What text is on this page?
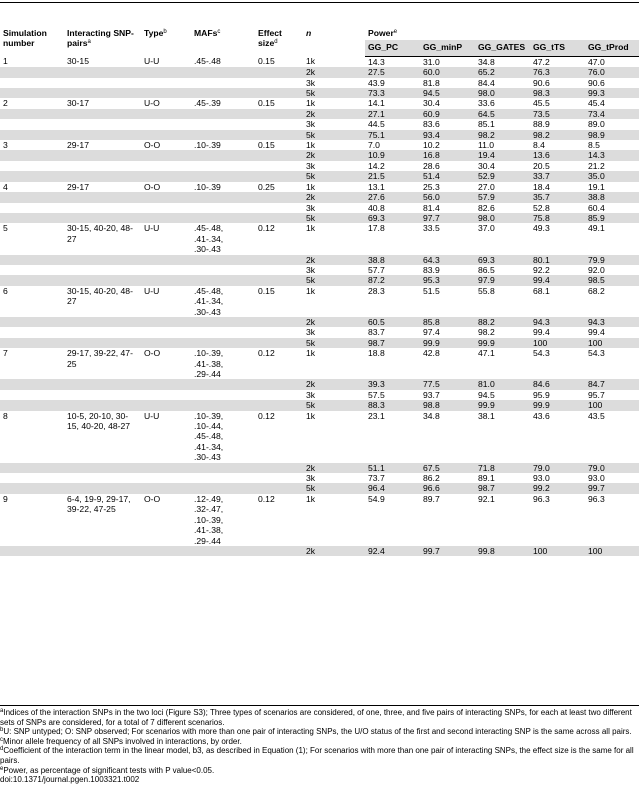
Simulation number	Interacting SNP-pairs$^a$	Type$^b$	MAFs$^c$	Effect size$^d$	n	Power$^e$
						GG_PC	GG_minP	GG_GATES	GG_tTS	GG_tProd
1	30-15	U-U	.45-.48	0.15	1k	14.3	31.0	34.8	47.2	47.0
					2k	27.5	60.0	65.2	76.3	76.0
					3k	43.9	81.8	84.4	90.6	90.6
					5k	73.3	94.5	98.0	98.3	99.3
2	30-17	U-O	.45-.39	0.15	1k	14.1	30.4	33.6	45.5	45.4
					2k	27.1	60.9	64.5	73.5	73.4
					3k	44.5	83.6	85.1	88.9	89.0
					5k	75.1	93.4	98.2	98.2	98.9
3	29-17	O-O	.10-.39	0.15	1k	7.0	10.2	11.0	8.4	8.5
					2k	10.9	16.8	19.4	13.6	14.3
					3k	14.2	28.6	30.4	20.5	21.2
					5k	21.5	51.4	52.9	33.7	35.0
4	29-17	O-O	.10-.39	0.25	1k	13.1	25.3	27.0	18.4	19.1
					2k	27.6	56.0	57.9	35.7	38.8
					3k	40.8	81.4	82.6	52.8	60.4
					5k	69.3	97.7	98.0	75.8	85.9
5	30-15, 40-20, 48-27	U-U	.45-.48, .41-.34, .30-.43	0.12	1k	17.8	33.5	37.0	49.3	49.1
					2k	38.8	64.3	69.3	80.1	79.9
					3k	57.7	83.9	86.5	92.2	92.0
					5k	87.2	95.3	97.9	99.4	98.5
6	30-15, 40-20, 48-27	U-U	.45-.48, .41-.34, .30-.43	0.15	1k	28.3	51.5	55.8	68.1	68.2
					2k	60.5	85.8	88.2	94.3	94.3
					3k	83.7	97.4	98.2	99.4	99.4
					5k	98.7	99.9	99.9	100	100
7	29-17, 39-22, 47-25	O-O	.10-.39, .41-.38, .29-.44	0.12	1k	18.8	42.8	47.1	54.3	54.3
					2k	39.3	77.5	81.0	84.6	84.7
					3k	57.5	93.7	94.5	95.9	95.7
					5k	88.3	98.8	99.9	99.9	100
8	10-5, 20-10, 30-15, 40-20, 48-27	U-U	.10-.39, .10-.44, .45-.48, .41-.34, .30-.43	0.12	1k	23.1	34.8	38.1	43.6	43.5
					2k	51.1	67.5	71.8	79.0	79.0
					3k	73.7	86.2	89.1	93.0	93.0
					5k	96.4	96.6	98.7	99.2	99.7
9	6-4, 19-9, 29-17, 39-22, 47-25	O-O	.12-.49, .32-.47, .10-.39, .41-.38, .29-.44	0.12	1k	54.9	89.7	92.1	96.3	96.3
					2k	92.4	99.7	99.8	100	100

$^a$Indices of the interaction SNPs in the two loci (Figure S3); Three types of scenarios are considered, of one, three, and five pairs of interacting SNPs, for each at least two different sets of SNPs are considered, for a total of 7 different scenarios.

$^b$U: SNP untyped; O: SNP observed; For scenarios with more than one pair of interacting SNPs, the U/O status of the first and second interacting SNP is the same across all pairs.

$^c$Minor allele frequency of all SNPs involved in interactions, by order.

$^d$Coefficient of the interaction term in the linear model, b3, as described in Equation (1); For scenarios with more than one pair of interacting SNPs, the effect size is the same for all pairs.

$^e$Power, as percentage of significant tests with P value<0.05.

doi:10.1371/journal.pgen.1003321.t002
